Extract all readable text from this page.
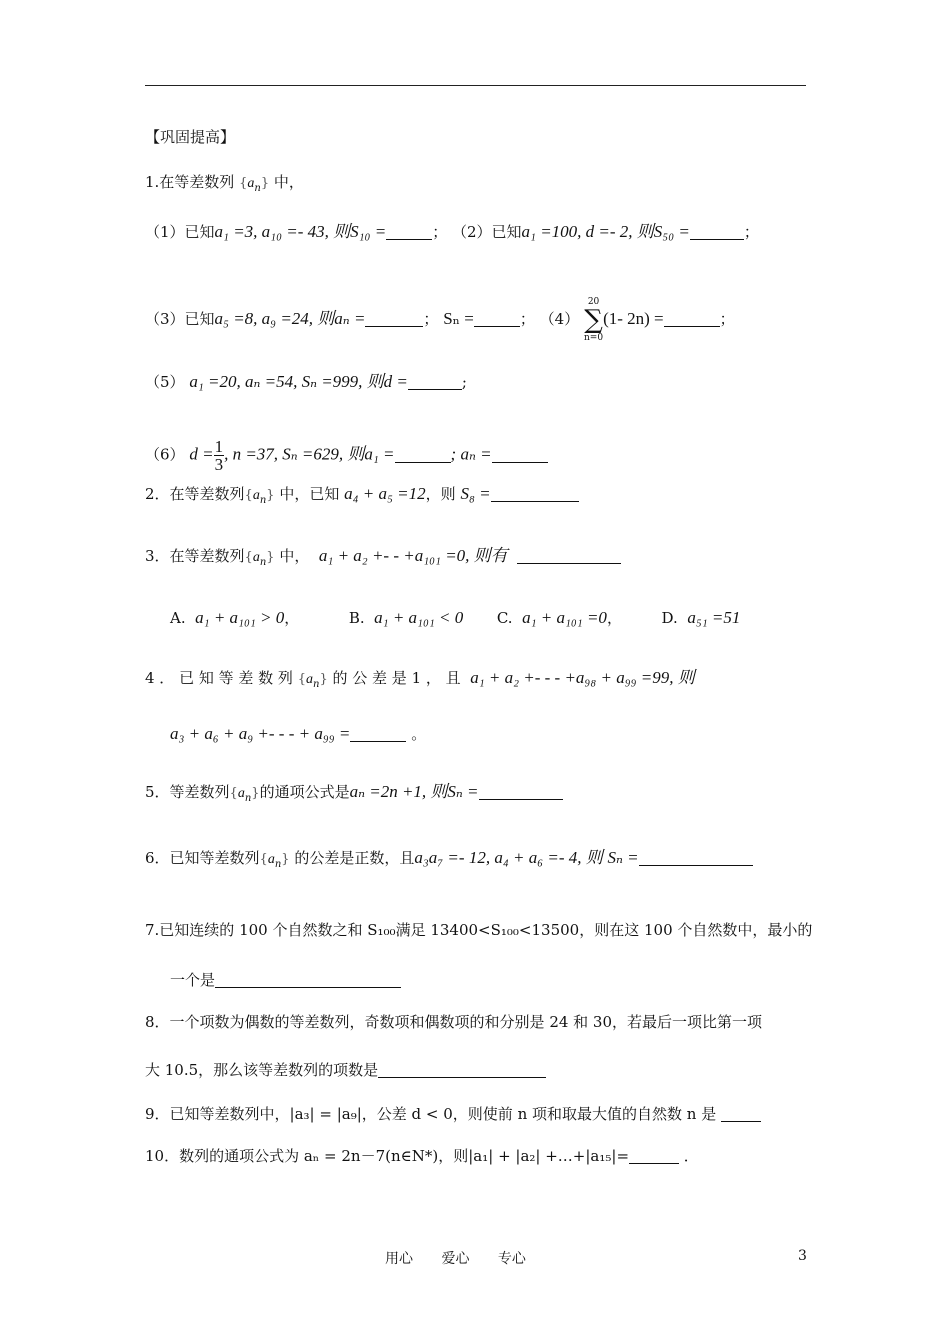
【巩固提高】
1.在等差数列 $\{a_n\}$ 中，
（1）已知a₁ =3, a₁₀ =- 43, 则S₁₀ =	； （2）已知a₁ =100, d =- 2, 则S₅₀ =	；
（3）已知a₅ =8, a₉ =24, 则aₙ =	； Sₙ =	； （4）
20
∑
n=0
(1- 2n) =	；
（5） a₁ =20, aₙ =54, Sₙ =999, 则d =	;
（6） $d = \frac{1}{3}$, n =37, Sₙ =629, 则a₁ =	; aₙ =
2．在等差数列$\{a_n\}$ 中，已知 a₄ + a₅ =12，则 S₈ =
3．在等差数列$\{a_n\}$ 中， a₁ + a₂ +- - +a₁₀₁ =0, 则有
A. a₁ + a₁₀₁ > 0，	B. a₁ + a₁₀₁ < 0 C. a₁ + a₁₀₁ =0，	D. a₅₁ =51
4 ． 已 知 等 差 数 列 $\{a_n\}$ 的 公 差 是 1 ， 且 a₁ + a₂ +- - - +a₉₈ + a₉₉ =99, 则
a₃ + a₆ + a₉ +- - - + a₉₉ =	。
5．等差数列$\{a_n\}$的通项公式是aₙ =2n +1, 则Sₙ =
6．已知等差数列$\{a_n\}$ 的公差是正数，且a₃a₇ =- 12, a₄ + a₆ =- 4, 则 Sₙ =
7.已知连续的 100 个自然数之和 S₁₀₀满足 13400<S₁₀₀<13500，则在这 100 个自然数中，最小的
一个是
8．一个项数为偶数的等差数列，奇数项和偶数项的和分别是 24 和 30，若最后一项比第一项
大 10.5，那么该等差数列的项数是
9．已知等差数列中，|a₃| = |a₉|，公差 d < 0，则使前 n 项和取最大值的自然数 n 是
10．数列的通项公式为 aₙ = 2n－7(n∈N*)，则|a₁| + |a₂| +…+|a₁₅|=	．
用心 爱心 专心	3
